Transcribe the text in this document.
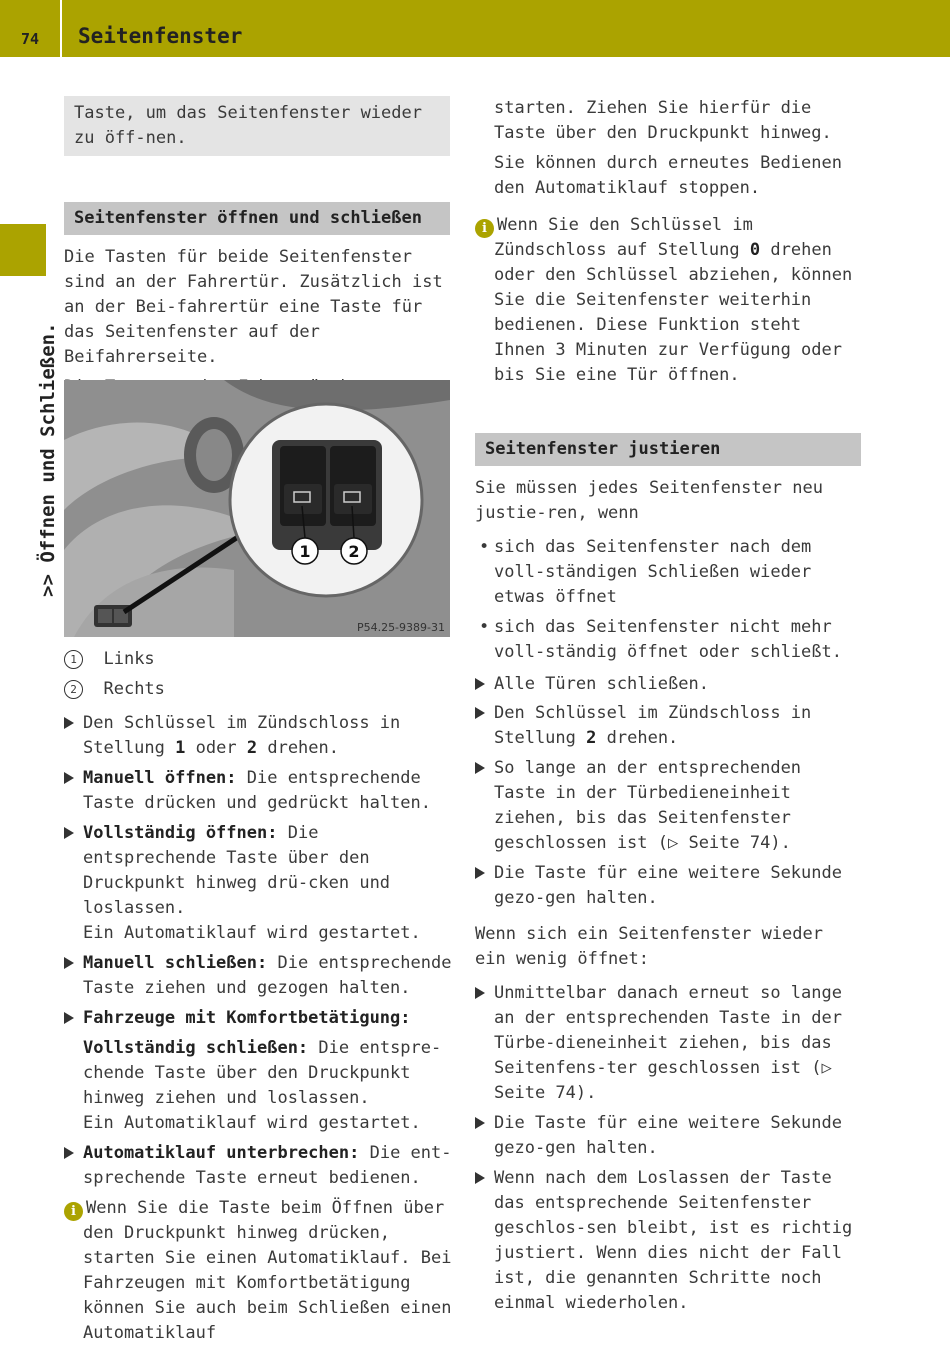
74	Seitenfenster
>> Öffnen und Schließen.

Taste, um das Seitenfenster wieder zu öff-nen.

Seitenfenster öffnen und schließen

Die Tasten für beide Seitenfenster sind an der Fahrertür. Zusätzlich ist an der Bei-fahrertür eine Taste für das Seitenfenster auf der Beifahrerseite.

1 2
P54.25-9389-31

1 Links

2 Rechts

Den Schlüssel im Zündschloss in Stellung 1 oder 2 drehen.

Manuell öffnen: Die entsprechende Taste drücken und gedrückt halten.

Vollständig öffnen: Die entsprechende Taste über den Druckpunkt hinweg drü-cken und loslassen.
Ein Automatiklauf wird gestartet.

Manuell schließen: Die entsprechende Taste ziehen und gezogen halten.

Fahrzeuge mit Komfortbetätigung:

Vollständig schließen: Die entspre-chende Taste über den Druckpunkt hinweg ziehen und loslassen.
Ein Automatiklauf wird gestartet.

Automatiklauf unterbrechen: Die ent-sprechende Taste erneut bedienen.

i Wenn Sie die Taste beim Öffnen über den Druckpunkt hinweg drücken, starten Sie einen Automatiklauf. Bei Fahrzeugen mit Komfortbetätigung können Sie auch beim Schließen einen Automatiklauf

starten. Ziehen Sie hierfür die Taste über den Druckpunkt hinweg.

Sie können durch erneutes Bedienen den Automatiklauf stoppen.

i Wenn Sie den Schlüssel im Zündschloss auf Stellung 0 drehen oder den Schlüssel abziehen, können Sie die Seitenfenster weiterhin bedienen. Diese Funktion steht Ihnen 3 Minuten zur Verfügung oder bis Sie eine Tür öffnen.

Seitenfenster justieren

Sie müssen jedes Seitenfenster neu justie-ren, wenn

• sich das Seitenfenster nach dem voll-ständigen Schließen wieder etwas öffnet

• sich das Seitenfenster nicht mehr voll-ständig öffnet oder schließt.

Alle Türen schließen.

Den Schlüssel im Zündschloss in Stellung 2 drehen.

So lange an der entsprechenden Taste in der Türbedieneinheit ziehen, bis das Seitenfenster geschlossen ist (▷ Seite 74).

Die Taste für eine weitere Sekunde gezo-gen halten.

Wenn sich ein Seitenfenster wieder ein wenig öffnet:

Unmittelbar danach erneut so lange an der entsprechenden Taste in der Türbe-dieneinheit ziehen, bis das Seitenfens-ter geschlossen ist (▷ Seite 74).

Die Taste für eine weitere Sekunde gezo-gen halten.

Wenn nach dem Loslassen der Taste das entsprechende Seitenfenster geschlos-sen bleibt, ist es richtig justiert. Wenn dies nicht der Fall ist, die genannten Schritte noch einmal wiederholen.
